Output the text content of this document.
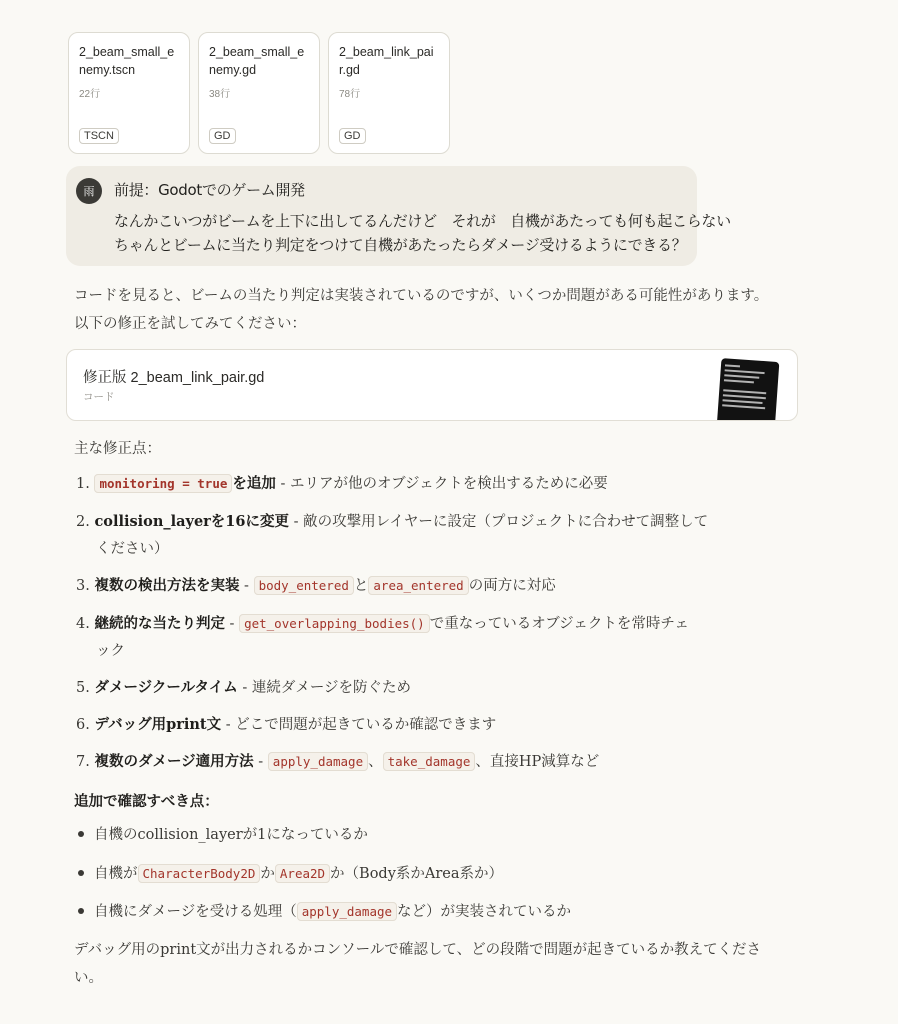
2_beam_small_enemy.tscn
22行
TSCN
2_beam_small_enemy.gd
38行
GD
2_beam_link_pair.gd
78行
GD
雨	前提：Godotでのゲーム開発
なんかこいつがビームを上下に出してるんだけど　それが　自機があたっても何も起こらない
ちゃんとビームに当たり判定をつけて自機があたったらダメージ受けるようにできる？
コードを見ると、ビームの当たり判定は実装されているのですが、いくつか問題がある可能性があります。以下の修正を試してみてください：
修正版 2_beam_link_pair.gd
コード
主な修正点：
1. monitoring = true を追加 - エリアが他のオブジェクトを検出するために必要
2. collision_layerを16に変更 - 敵の攻撃用レイヤーに設定（プロジェクトに合わせて調整して
ください）
3. 複数の検出方法を実装 - body_entered と area_entered の両方に対応
4. 継続的な当たり判定 - get_overlapping_bodies() で重なっているオブジェクトを常時チェ
ック
5. ダメージクールタイム - 連続ダメージを防ぐため
6. デバッグ用print文 - どこで問題が起きているか確認できます
7. 複数のダメージ適用方法 - apply_damage 、 take_damage 、直接HP減算など
追加で確認すべき点：
自機のcollision_layerが1になっているか
自機が CharacterBody2D か Area2D か（Body系かArea系か）
自機にダメージを受ける処理（ apply_damage など）が実装されているか
デバッグ用のprint文が出力されるかコンソールで確認して、どの段階で問題が起きているか教えてください。
